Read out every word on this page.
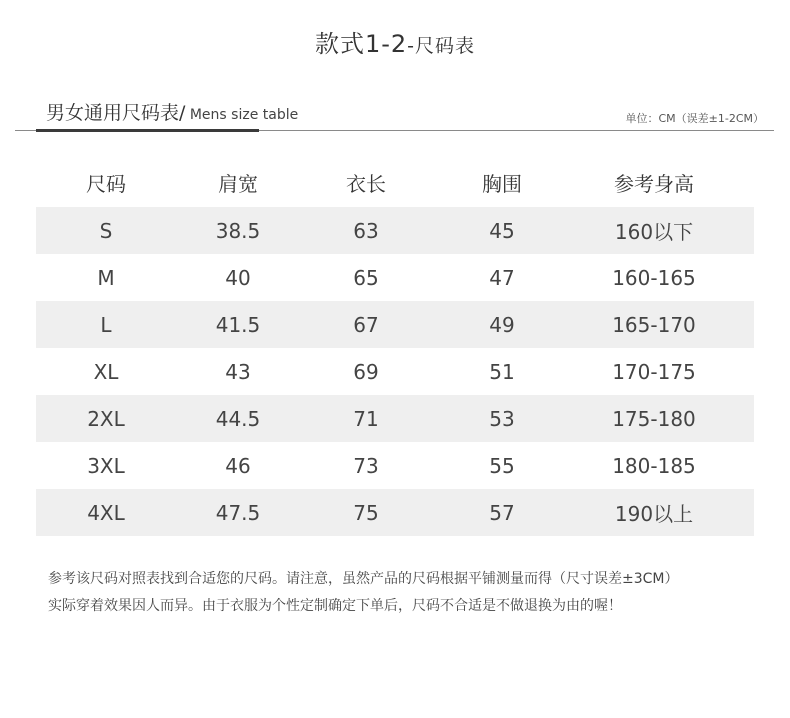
款式1-2-尺码表
男女通用尺码表/ Mens size table	单位：CM（误差±1-2CM）
尺码	肩宽	衣长	胸围	参考身高
S	38.5	63	45	160以下
M	40	65	47	160-165
L	41.5	67	49	165-170
XL	43	69	51	170-175
2XL	44.5	71	53	175-180
3XL	46	73	55	180-185
4XL	47.5	75	57	190以上
参考该尺码对照表找到合适您的尺码。请注意，虽然产品的尺码根据平铺测量而得（尺寸误差±3CM）
实际穿着效果因人而异。由于衣服为个性定制确定下单后，尺码不合适是不做退换为由的喔！
